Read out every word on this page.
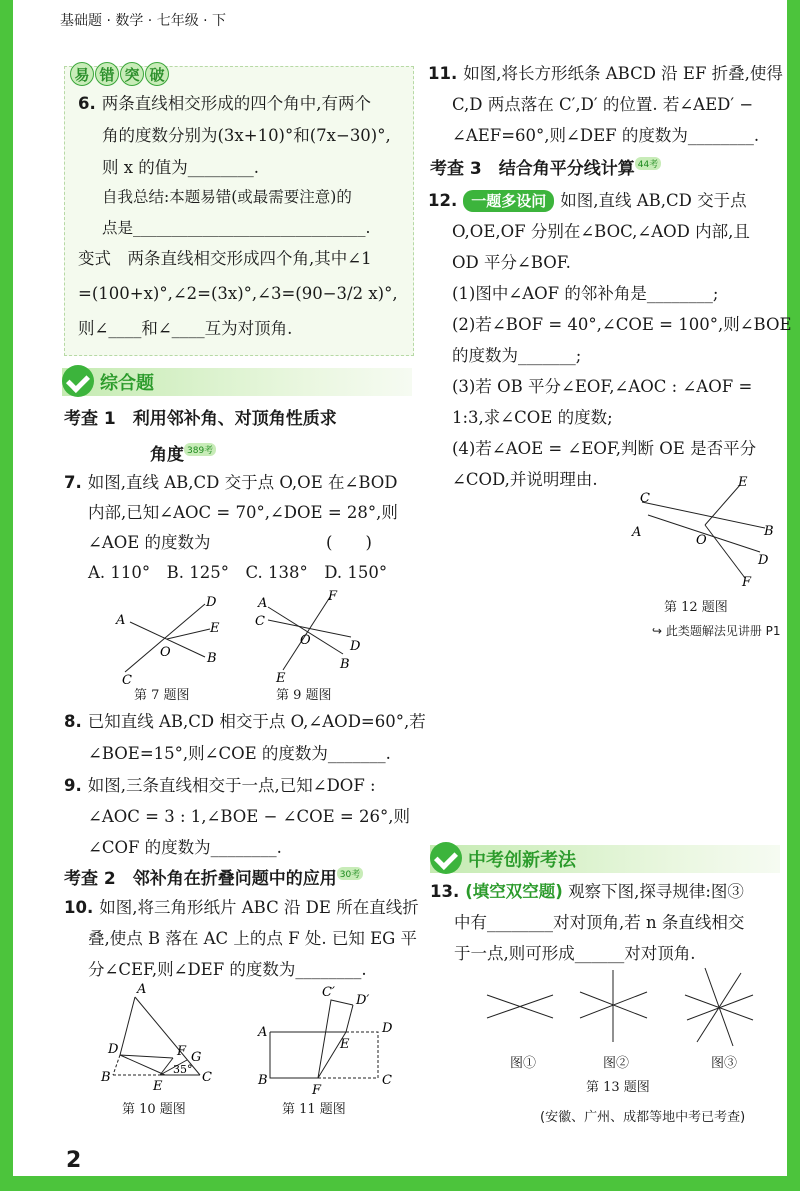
基础题 · 数学 · 七年级 · 下
2
易 错 突 破
6. 两条直线相交形成的四个角中,有两个
角的度数分别为(3x+10)°和(7x−30)°,
则 x 的值为________.
自我总结:本题易错(或最需要注意)的
点是______________________________.
变式　两条直线相交形成四个角,其中∠1
=(100+x)°,∠2=(3x)°,∠3=(90−3/2 x)°,
则∠____和∠____互为对顶角.
综合题
考查 1　利用邻补角、对顶角性质求
角度 389考
7. 如图,直线 AB,CD 交于点 O,OE 在∠BOD
内部,已知∠AOC = 70°,∠DOE = 28°,则
∠AOE 的度数为　　　　　　　(　　)
A. 110°　B. 125°　C. 138°　D. 150°
A
B
C
D
E
O
第 7 题图
A
B
C
D
E
F
O
第 9 题图
8. 已知直线 AB,CD 相交于点 O,∠AOD=60°,若
∠BOE=15°,则∠COE 的度数为_______.
9. 如图,三条直线相交于一点,已知∠DOF :
∠AOC = 3 : 1,∠BOE − ∠COE = 26°,则
∠COF 的度数为________.
考查 2　邻补角在折叠问题中的应用 30考
10. 如图,将三角形纸片 ABC 沿 DE 所在直线折
叠,使点 B 落在 AC 上的点 F 处. 已知 EG 平
分∠CEF,则∠DEF 的度数为________.
A
B	C
D
E
F G
35°
第 10 题图
A
B	C
D
E
F
C′
D′
第 11 题图
11. 如图,将长方形纸条 ABCD 沿 EF 折叠,使得
C,D 两点落在 C′,D′ 的位置. 若∠AED′ −
∠AEF=60°,则∠DEF 的度数为________.
考查 3　结合角平分线计算 44考
12. 一题多设问 如图,直线 AB,CD 交于点
O,OE,OF 分别在∠BOC,∠AOD 内部,且
OD 平分∠BOF.
(1)图中∠AOF 的邻补角是________;
(2)若∠BOF = 40°,∠COE = 100°,则∠BOE
的度数为_______;
(3)若 OB 平分∠EOF,∠AOC : ∠AOF =
1:3,求∠COE 的度数;
(4)若∠AOE = ∠EOF,判断 OE 是否平分
∠COD,并说明理由.
C
A	B
D
E
F
O
第 12 题图
↪ 此类题解法见讲册 P1
中考创新考法
13. (填空双空题) 观察下图,探寻规律:图③
中有________对对顶角,若 n 条直线相交
于一点,则可形成______对对顶角.
图①	图②	图③
第 13 题图
(安徽、广州、成都等地中考已考查)
